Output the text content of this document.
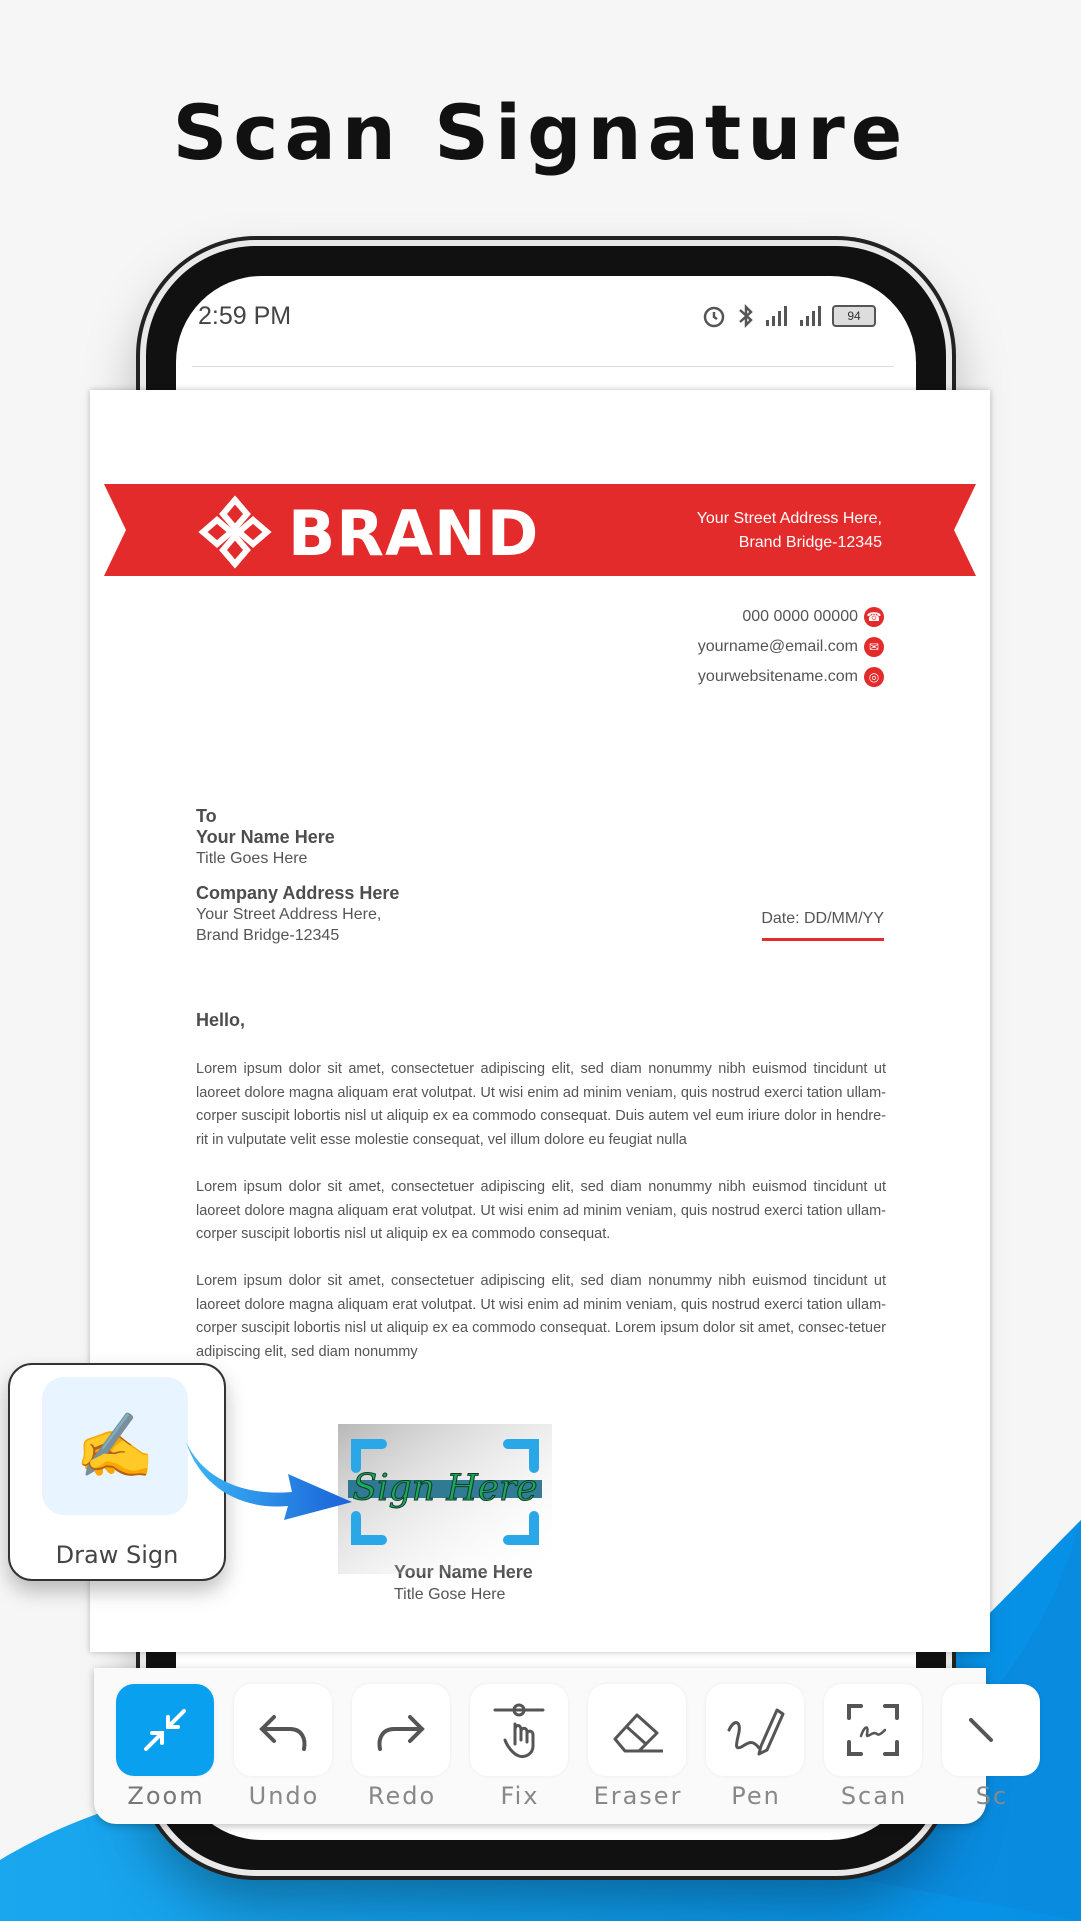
Scan Signature
2:59 PM	94
BRAND	Your Street Address Here,
Brand Bridge-12345
000 0000 00000 ☎
yourname@email.com ✉
yourwebsitename.com ◎
To
Your Name Here
Title Goes Here
Company Address Here
Your Street Address Here,
Brand Bridge-12345
Date: DD/MM/YY
Hello,
Lorem ipsum dolor sit amet, consectetuer adipiscing elit, sed diam nonummy nibh euismod tincidunt ut laoreet dolore magna aliquam erat volutpat. Ut wisi enim ad minim veniam, quis nostrud exerci tation ullam-corper suscipit lobortis nisl ut aliquip ex ea commodo consequat. Duis autem vel eum iriure dolor in hendre-rit in vulputate velit esse molestie consequat, vel illum dolore eu feugiat nulla
Lorem ipsum dolor sit amet, consectetuer adipiscing elit, sed diam nonummy nibh euismod tincidunt ut laoreet dolore magna aliquam erat volutpat. Ut wisi enim ad minim veniam, quis nostrud exerci tation ullam-corper suscipit lobortis nisl ut aliquip ex ea commodo consequat.
Lorem ipsum dolor sit amet, consectetuer adipiscing elit, sed diam nonummy nibh euismod tincidunt ut laoreet dolore magna aliquam erat volutpat. Ut wisi enim ad minim veniam, quis nostrud exerci tation ullam-corper suscipit lobortis nisl ut aliquip ex ea commodo consequat. Lorem ipsum dolor sit amet, consec-tetuer adipiscing elit, sed diam nonummy
Title Gose Here
Sign Here
✍
Draw Sign
Zoom	Undo	Redo	Fix	Eraser	Pen	Scan	Sc
